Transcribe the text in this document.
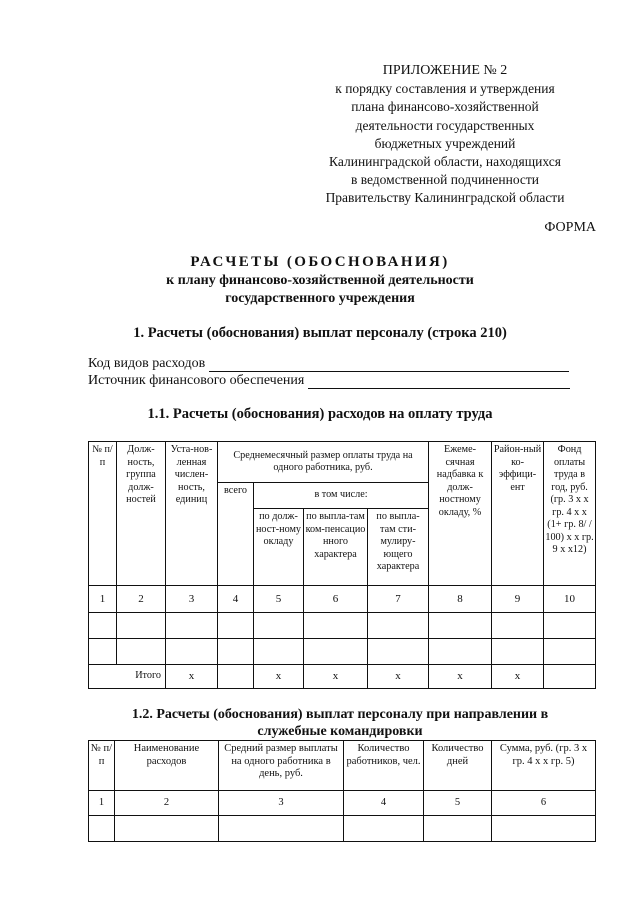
ПРИЛОЖЕНИЕ № 2
к порядку составления и утверждения
плана финансово-хозяйственной
деятельности государственных
бюджетных учреждений
Калининградской области, находящихся
в ведомственной подчиненности
Правительству Калининградской области
ФОРМА
РАСЧЕТЫ (ОБОСНОВАНИЯ)
к плану финансово-хозяйственной деятельности
государственного учреждения
1. Расчеты (обоснования) выплат персоналу (строка 210)
Код видов расходов
Источник финансового обеспечения
1.1. Расчеты (обоснования) расходов на оплату труда
№ п/п	Долж-ность, группа долж-ностей	Уста-нов-ленная числен-ность, единиц	Среднемесячный размер оплаты труда на одного работника, руб.				Ежеме-сячная надбавка к долж-ностному окладу, %	Район-ный ко-эффици-ент	Фонд оплаты труда в год, руб. (гр. 3 х х гр. 4 х х (1+ гр. 8/ / 100) х х гр. 9 х х12)
			всего	в том числе:					
				по долж-ност-ному окладу	по выпла-там ком-пенсацио нного характера	по выпла-там сти-мулиру-ющего характера			
1	2	3	4	5	6	7	8	9	10

Итого		х		х	х	х	х	х	
1.2. Расчеты (обоснования) выплат персоналу при направлении в
служебные командировки
№ п/п	Наименование расходов	Средний размер выплаты на одного работника в день, руб.	Количество работников, чел.	Количество дней	Сумма, руб. (гр. 3 х гр. 4 х х гр. 5)
1	2	3	4	5	6
